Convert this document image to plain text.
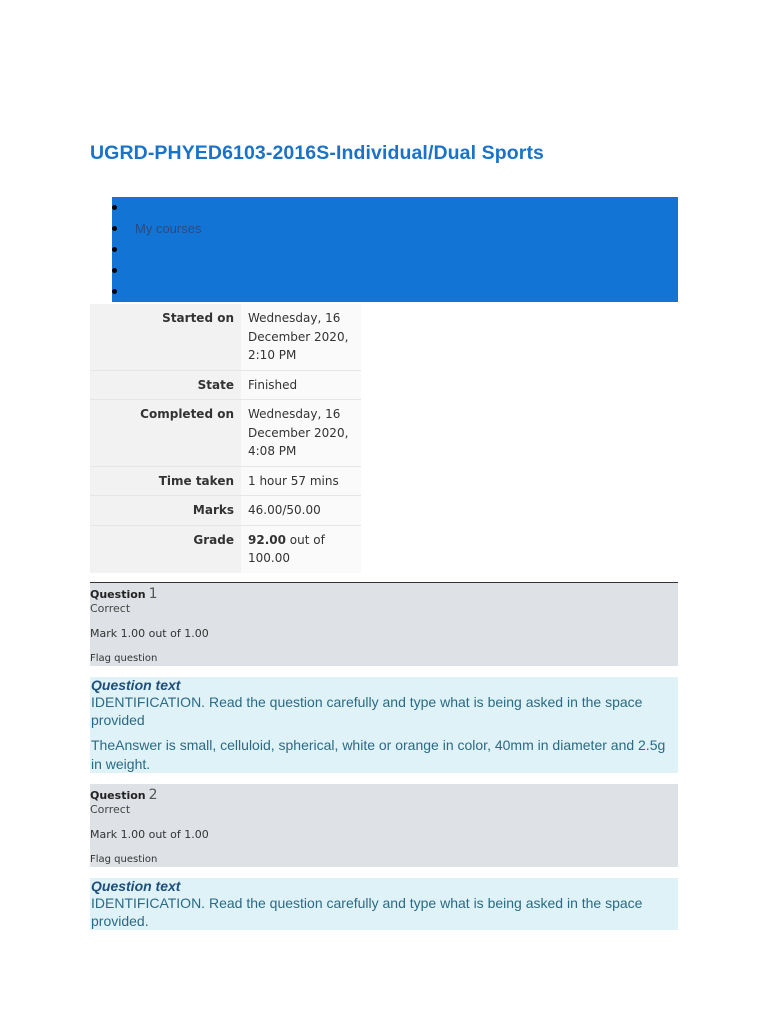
UGRD-PHYED6103-2016S-Individual/Dual Sports
My courses
Started on	Wednesday, 16 December 2020, 2:10 PM
State	Finished
Completed on	Wednesday, 16 December 2020, 4:08 PM
Time taken	1 hour 57 mins
Marks	46.00/50.00
Grade	92.00 out of 100.00
Question 1
Correct
Mark 1.00 out of 1.00
Flag question
Question text
IDENTIFICATION. Read the question carefully and type what is being asked in the space provided
TheAnswer is small, celluloid, spherical, white or orange in color, 40mm in diameter and 2.5g in weight.
Question 2
Correct
Mark 1.00 out of 1.00
Flag question
Question text
IDENTIFICATION. Read the question carefully and type what is being asked in the space provided.
